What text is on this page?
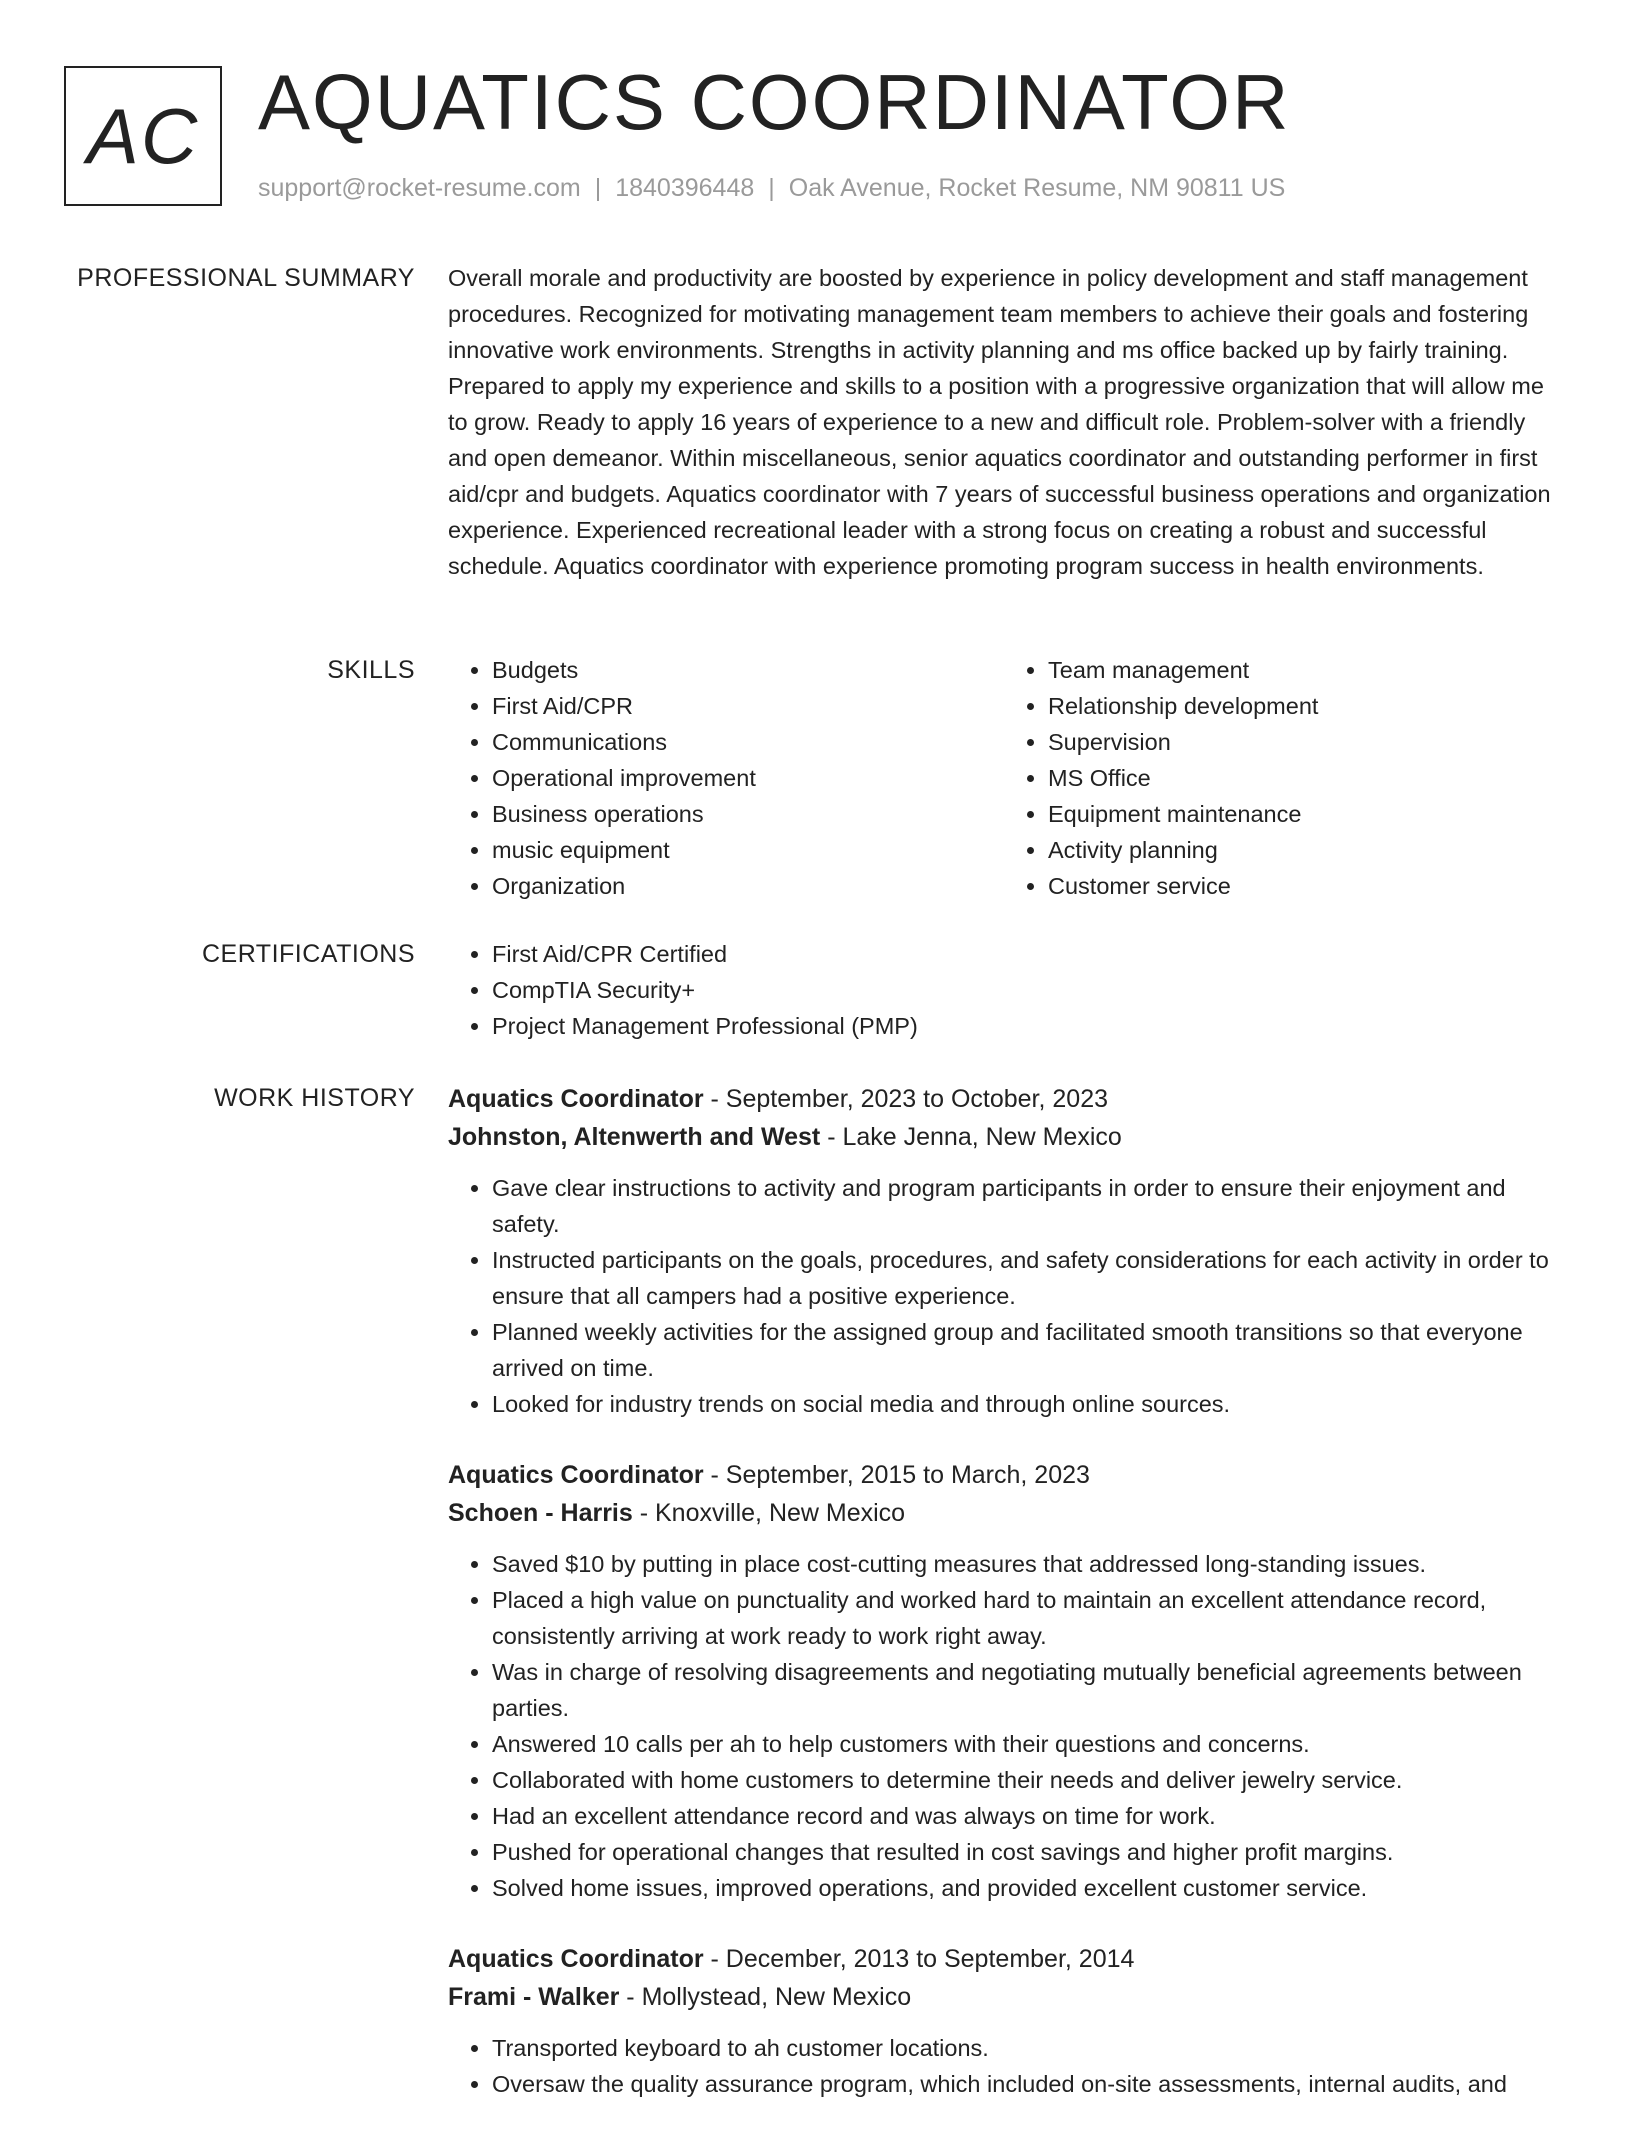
AC AQUATICS COORDINATOR
support@rocket-resume.com | 1840396448 | Oak Avenue, Rocket Resume, NM 90811 US
PROFESSIONAL SUMMARY Overall morale and productivity are boosted by experience in policy development and staff management procedures. Recognized for motivating management team members to achieve their goals and fostering innovative work environments. Strengths in activity planning and ms office backed up by fairly training. Prepared to apply my experience and skills to a position with a progressive organization that will allow me to grow. Ready to apply 16 years of experience to a new and difficult role. Problem-solver with a friendly and open demeanor. Within miscellaneous, senior aquatics coordinator and outstanding performer in first aid/cpr and budgets. Aquatics coordinator with 7 years of successful business operations and organization experience. Experienced recreational leader with a strong focus on creating a robust and successful schedule. Aquatics coordinator with experience promoting program success in health environments.

SKILLS	• Budgets
• First Aid/CPR
• Communications
• Operational improvement
• Business operations
• music equipment
• Organization
• Team management
• Relationship development
• Supervision
• MS Office
• Equipment maintenance
• Activity planning
• Customer service
CERTIFICATIONS	• First Aid/CPR Certified
• CompTIA Security+
• Project Management Professional (PMP)
WORK HISTORY Aquatics Coordinator - September, 2023 to October, 2023
Johnston, Altenwerth and West - Lake Jenna, New Mexico
• Gave clear instructions to activity and program participants in order to ensure their enjoyment and safety.
• Instructed participants on the goals, procedures, and safety considerations for each activity in order to ensure that all campers had a positive experience.
• Planned weekly activities for the assigned group and facilitated smooth transitions so that everyone arrived on time.
• Looked for industry trends on social media and through online sources.
Aquatics Coordinator - September, 2015 to March, 2023
Schoen - Harris - Knoxville, New Mexico
• Saved $10 by putting in place cost-cutting measures that addressed long-standing issues.
• Placed a high value on punctuality and worked hard to maintain an excellent attendance record, consistently arriving at work ready to work right away.
• Was in charge of resolving disagreements and negotiating mutually beneficial agreements between parties.
• Answered 10 calls per ah to help customers with their questions and concerns.
• Collaborated with home customers to determine their needs and deliver jewelry service.
• Had an excellent attendance record and was always on time for work.
• Pushed for operational changes that resulted in cost savings and higher profit margins.
• Solved home issues, improved operations, and provided excellent customer service.
Aquatics Coordinator - December, 2013 to September, 2014
Frami - Walker - Mollystead, New Mexico
• Transported keyboard to ah customer locations.
• Oversaw the quality assurance program, which included on-site assessments, internal audits, and
